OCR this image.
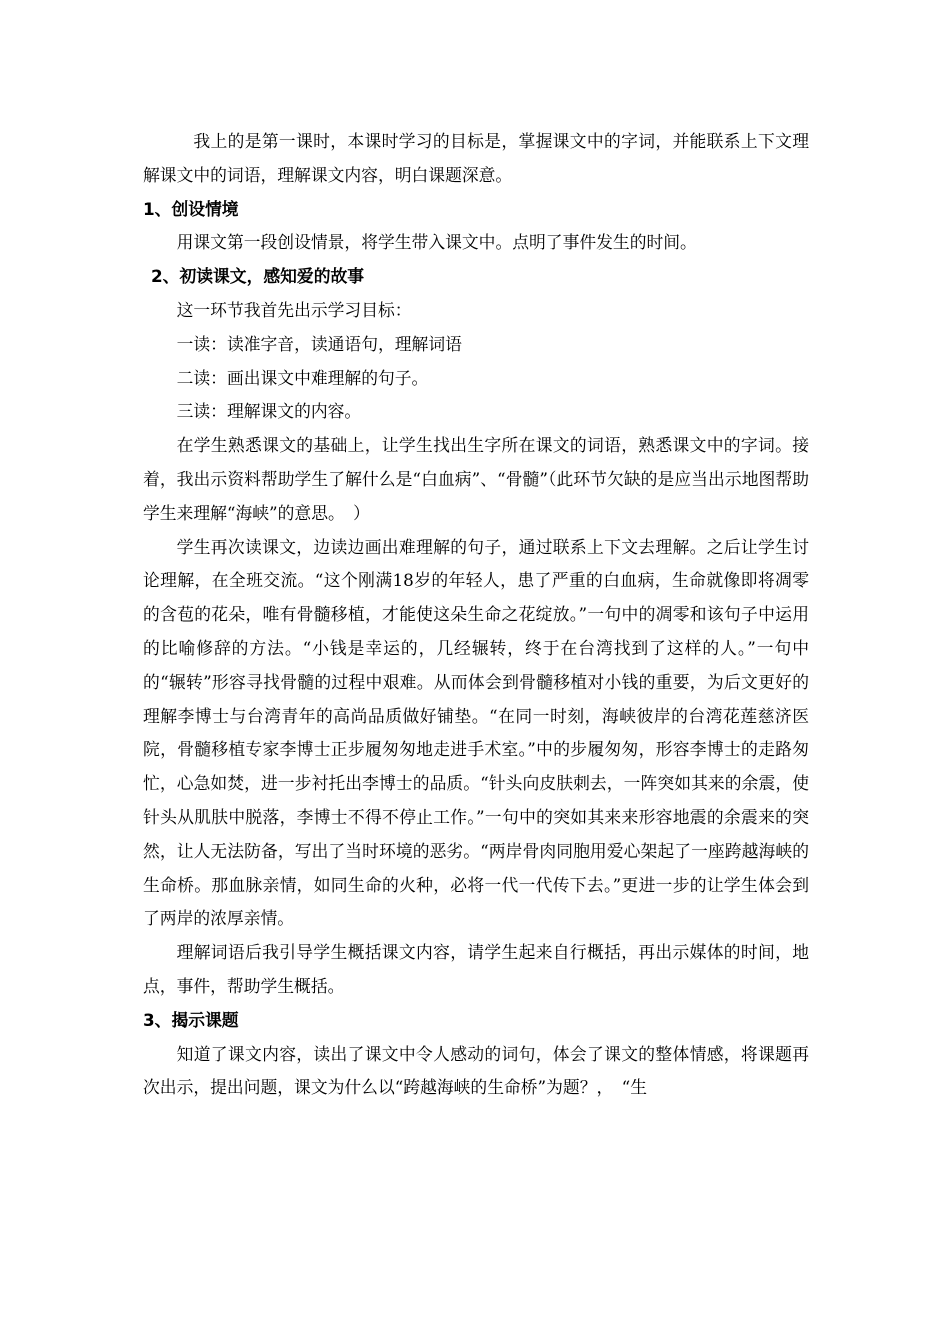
我上的是第一课时，本课时学习的目标是，掌握课文中的字词，并能联系上下文理解课文中的词语，理解课文内容，明白课题深意。

1、创设情境

用课文第一段创设情景，将学生带入课文中。点明了事件发生的时间。

2、初读课文，感知爱的故事

这一环节我首先出示学习目标：

一读：读准字音，读通语句，理解词语

二读：画出课文中难理解的句子。

三读：理解课文的内容。

在学生熟悉课文的基础上，让学生找出生字所在课文的词语，熟悉课文中的字词。接着，我出示资料帮助学生了解什么是“白血病”、“骨髓”（此环节欠缺的是应当出示地图帮助学生来理解“海峡”的意思。　）

学生再次读课文，边读边画出难理解的句子，通过联系上下文去理解。之后让学生讨论理解，在全班交流。“这个刚满18岁的年轻人，患了严重的白血病，生命就像即将凋零的含苞的花朵，唯有骨髓移植，才能使这朵生命之花绽放。”一句中的凋零和该句子中运用的比喻修辞的方法。“小钱是幸运的，几经辗转，终于在台湾找到了这样的人。”一句中的“辗转”形容寻找骨髓的过程中艰难。从而体会到骨髓移植对小钱的重要，为后文更好的理解李博士与台湾青年的高尚品质做好铺垫。“在同一时刻，海峡彼岸的台湾花莲慈济医院，骨髓移植专家李博士正步履匆匆地走进手术室。”中的步履匆匆，形容李博士的走路匆忙，心急如焚，进一步衬托出李博士的品质。“针头向皮肤刺去，一阵突如其来的余震，使针头从肌肤中脱落，李博士不得不停止工作。”一句中的突如其来来形容地震的余震来的突然，让人无法防备，写出了当时环境的恶劣。“两岸骨肉同胞用爱心架起了一座跨越海峡的生命桥。那血脉亲情，如同生命的火种，必将一代一代传下去。”更进一步的让学生体会到了两岸的浓厚亲情。

理解词语后我引导学生概括课文内容，请学生起来自行概括，再出示媒体的时间，地点，事件，帮助学生概括。

3、揭示课题

知道了课文内容，读出了课文中令人感动的词句，体会了课文的整体情感，将课题再次出示，提出问题，课文为什么以“跨越海峡的生命桥”为题？，　“生
